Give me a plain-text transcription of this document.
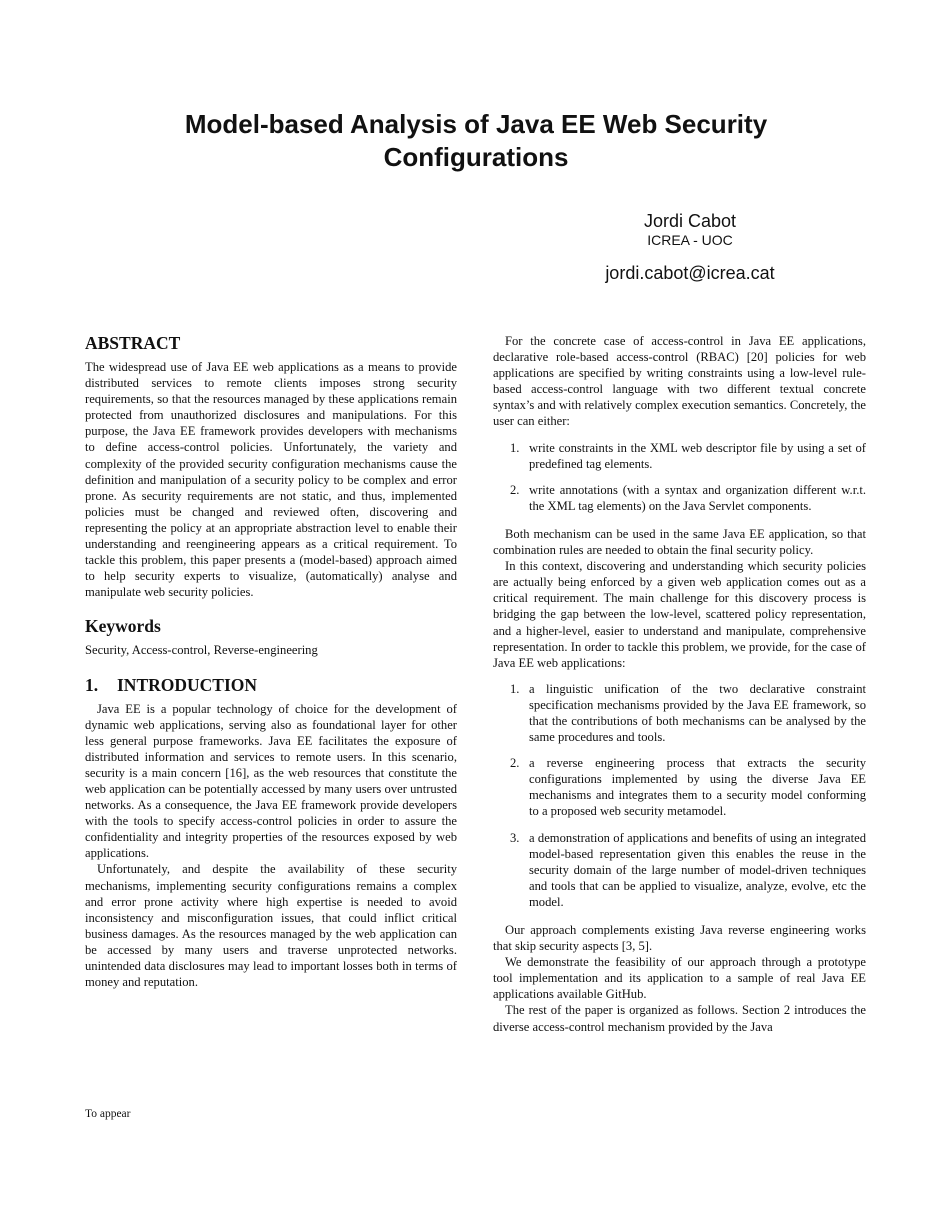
Model-based Analysis of Java EE Web Security Configurations
Jordi Cabot
ICREA - UOC
jordi.cabot@icrea.cat
ABSTRACT

The widespread use of Java EE web applications as a means to provide distributed services to remote clients imposes strong security requirements, so that the resources managed by these applications remain protected from unauthorized disclosures and manipulations. For this purpose, the Java EE framework provides developers with mechanisms to define access-control policies. Unfortunately, the variety and complexity of the provided security configuration mechanisms cause the definition and manipulation of a security policy to be complex and error prone. As security requirements are not static, and thus, implemented policies must be changed and reviewed often, discovering and representing the policy at an appropriate abstraction level to enable their understanding and reengineering appears as a critical requirement. To tackle this problem, this paper presents a (model-based) approach aimed to help security experts to visualize, (automatically) analyse and manipulate web security policies.

Keywords

Security, Access-control, Reverse-engineering

1. INTRODUCTION

Java EE is a popular technology of choice for the development of dynamic web applications, serving also as foundational layer for other less general purpose frameworks. Java EE facilitates the exposure of distributed information and services to remote users. In this scenario, security is a main concern [16], as the web resources that constitute the web application can be potentially accessed by many users over untrusted networks. As a consequence, the Java EE framework provide developers with the tools to specify access-control policies in order to assure the confidentiality and integrity properties of the resources exposed by web applications.

Unfortunately, and despite the availability of these security mechanisms, implementing security configurations remains a complex and error prone activity where high expertise is needed to avoid inconsistency and misconfiguration issues, that could inflict critical business damages. As the resources managed by the web application can be accessed by many users and traverse unprotected networks. unintended data disclosures may lead to important losses both in terms of money and reputation.

For the concrete case of access-control in Java EE applications, declarative role-based access-control (RBAC) [20] policies for web applications are specified by writing constraints using a low-level rule-based access-control language with two different textual concrete syntax’s and with relatively complex execution semantics. Concretely, the user can either:

1. write constraints in the XML web descriptor file by using a set of predefined tag elements.
2. write annotations (with a syntax and organization different w.r.t. the XML tag elements) on the Java Servlet components.

Both mechanism can be used in the same Java EE application, so that combination rules are needed to obtain the final security policy.

In this context, discovering and understanding which security policies are actually being enforced by a given web application comes out as a critical requirement. The main challenge for this discovery process is bridging the gap between the low-level, scattered policy representation, and a higher-level, easier to understand and manipulate, comprehensive representation. In order to tackle this problem, we provide, for the case of Java EE web applications:

1. a linguistic unification of the two declarative constraint specification mechanisms provided by the Java EE framework, so that the contributions of both mechanisms can be analysed by the same procedures and tools.
2. a reverse engineering process that extracts the security configurations implemented by using the diverse Java EE mechanisms and integrates them to a security model conforming to a proposed web security metamodel.
3. a demonstration of applications and benefits of using an integrated model-based representation given this enables the reuse in the security domain of the large number of model-driven techniques and tools that can be applied to visualize, analyze, evolve, etc the model.

Our approach complements existing Java reverse engineering works that skip security aspects [3, 5].

We demonstrate the feasibility of our approach through a prototype tool implementation and its application to a sample of real Java EE applications available GitHub.

The rest of the paper is organized as follows. Section 2 introduces the diverse access-control mechanism provided by the Java

To appear
